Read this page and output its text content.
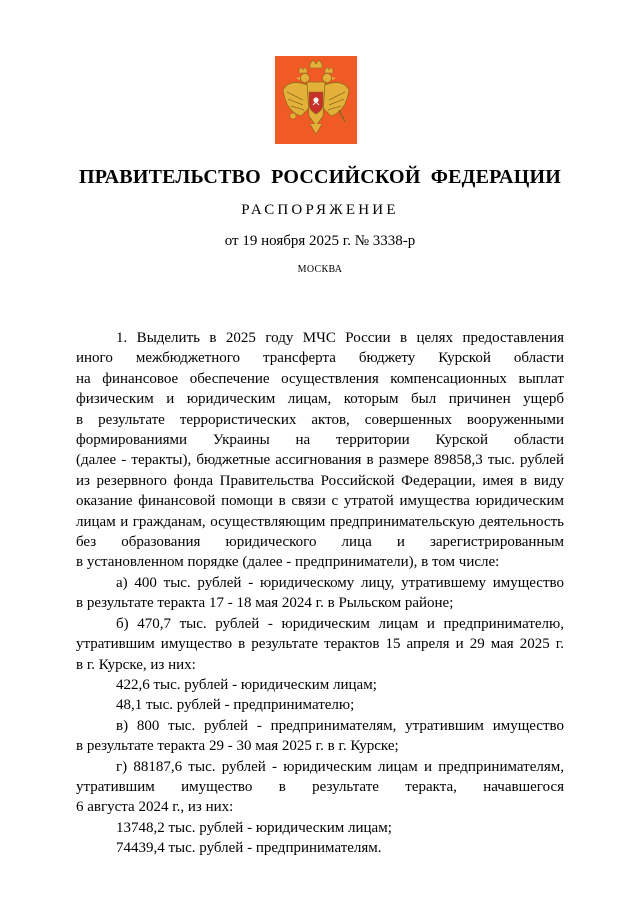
ПРАВИТЕЛЬСТВО РОССИЙСКОЙ ФЕДЕРАЦИИ
РАСПОРЯЖЕНИЕ
от 19 ноября 2025 г. № 3338-р
МОСКВА

1. Выделить в 2025 году МЧС России в целях предоставления

иного межбюджетного трансферта бюджету Курской области

на финансовое обеспечение осуществления компенсационных выплат

физическим и юридическим лицам, которым был причинен ущерб

в результате террористических актов, совершенных вооруженными

формированиями Украины на территории Курской области

(далее - теракты), бюджетные ассигнования в размере 89858,3 тыс. рублей

из резервного фонда Правительства Российской Федерации, имея в виду

оказание финансовой помощи в связи с утратой имущества юридическим

лицам и гражданам, осуществляющим предпринимательскую деятельность

без образования юридического лица и зарегистрированным

в установленном порядке (далее - предприниматели), в том числе:

а) 400 тыс. рублей - юридическому лицу, утратившему имущество

в результате теракта 17 - 18 мая 2024 г. в Рыльском районе;

б) 470,7 тыс. рублей - юридическим лицам и предпринимателю,

утратившим имущество в результате терактов 15 апреля и 29 мая 2025 г.

в г. Курске, из них:

422,6 тыс. рублей - юридическим лицам;

48,1 тыс. рублей - предпринимателю;

в) 800 тыс. рублей - предпринимателям, утратившим имущество

в результате теракта 29 - 30 мая 2025 г. в г. Курске;

г) 88187,6 тыс. рублей - юридическим лицам и предпринимателям,

утратившим имущество в результате теракта, начавшегося

6 августа 2024 г., из них:

13748,2 тыс. рублей - юридическим лицам;

74439,4 тыс. рублей - предпринимателям.
